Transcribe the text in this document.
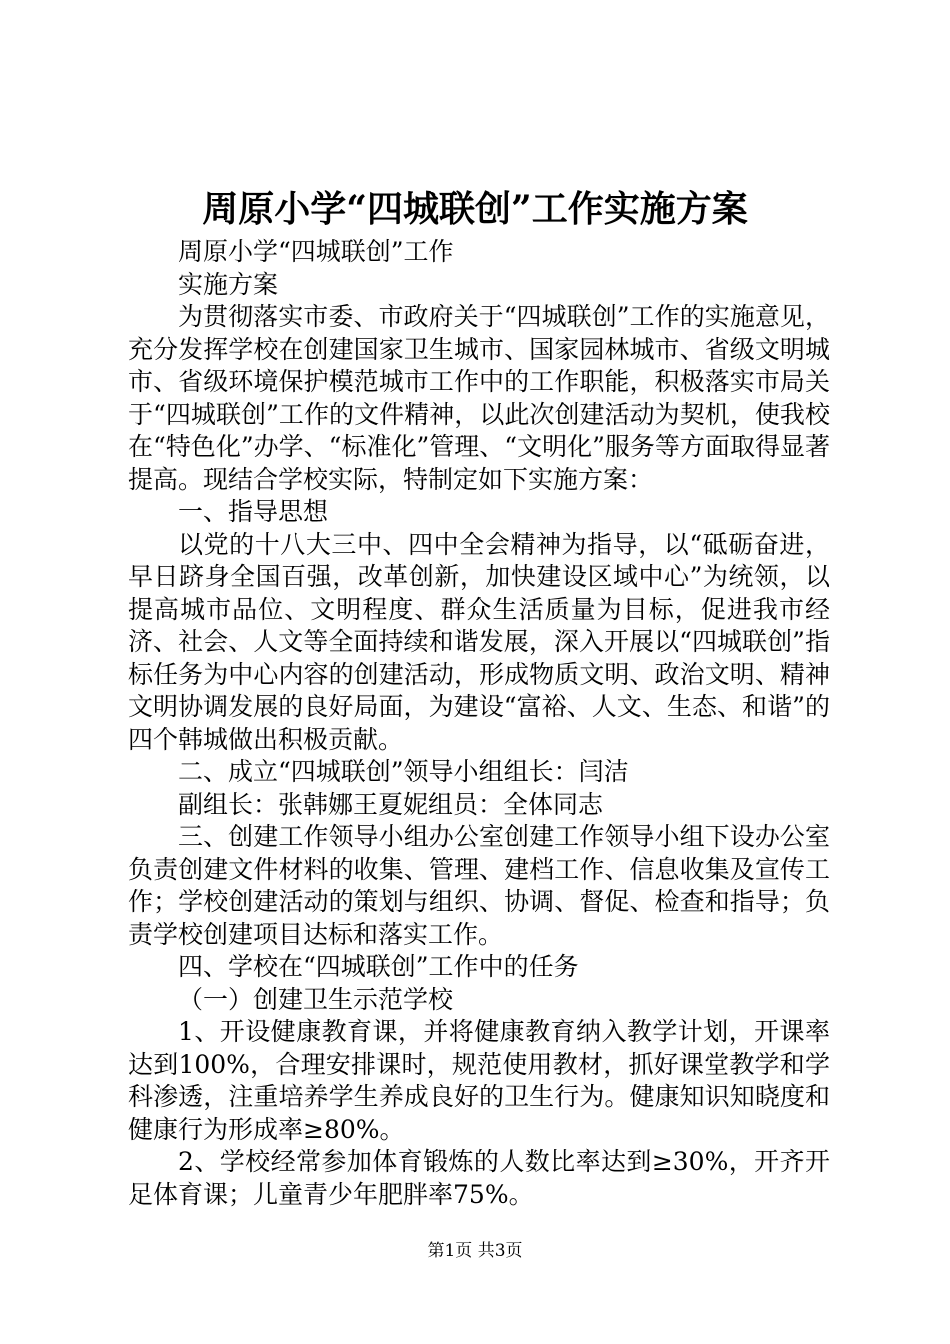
周原小学“四城联创”工作实施方案

周原小学“四城联创”工作

实施方案

为贯彻落实市委、市政府关于“四城联创”工作的实施意见，充分发挥学校在创建国家卫生城市、国家园林城市、省级文明城市、省级环境保护模范城市工作中的工作职能，积极落实市局关于“四城联创”工作的文件精神，以此次创建活动为契机，使我校在“特色化”办学、“标准化”管理、“文明化”服务等方面取得显著提高。现结合学校实际，特制定如下实施方案：

一、指导思想

以党的十八大三中、四中全会精神为指导，以“砥砺奋进，早日跻身全国百强，改革创新，加快建设区域中心”为统领，以提高城市品位、文明程度、群众生活质量为目标，促进我市经济、社会、人文等全面持续和谐发展，深入开展以“四城联创”指标任务为中心内容的创建活动，形成物质文明、政治文明、精神文明协调发展的良好局面，为建设“富裕、人文、生态、和谐”的四个韩城做出积极贡献。

二、成立“四城联创”领导小组组长：闫洁

副组长：张韩娜王夏妮组员：全体同志

三、创建工作领导小组办公室创建工作领导小组下设办公室负责创建文件材料的收集、管理、建档工作、信息收集及宣传工作；学校创建活动的策划与组织、协调、督促、检查和指导；负责学校创建项目达标和落实工作。

四、学校在“四城联创”工作中的任务

（一）创建卫生示范学校

1、开设健康教育课，并将健康教育纳入教学计划，开课率达到100%，合理安排课时，规范使用教材，抓好课堂教学和学科渗透，注重培养学生养成良好的卫生行为。健康知识知晓度和健康行为形成率≥80%。

2、学校经常参加体育锻炼的人数比率达到≥30%，开齐开足体育课；儿童青少年肥胖率75%。

第1页 共3页
